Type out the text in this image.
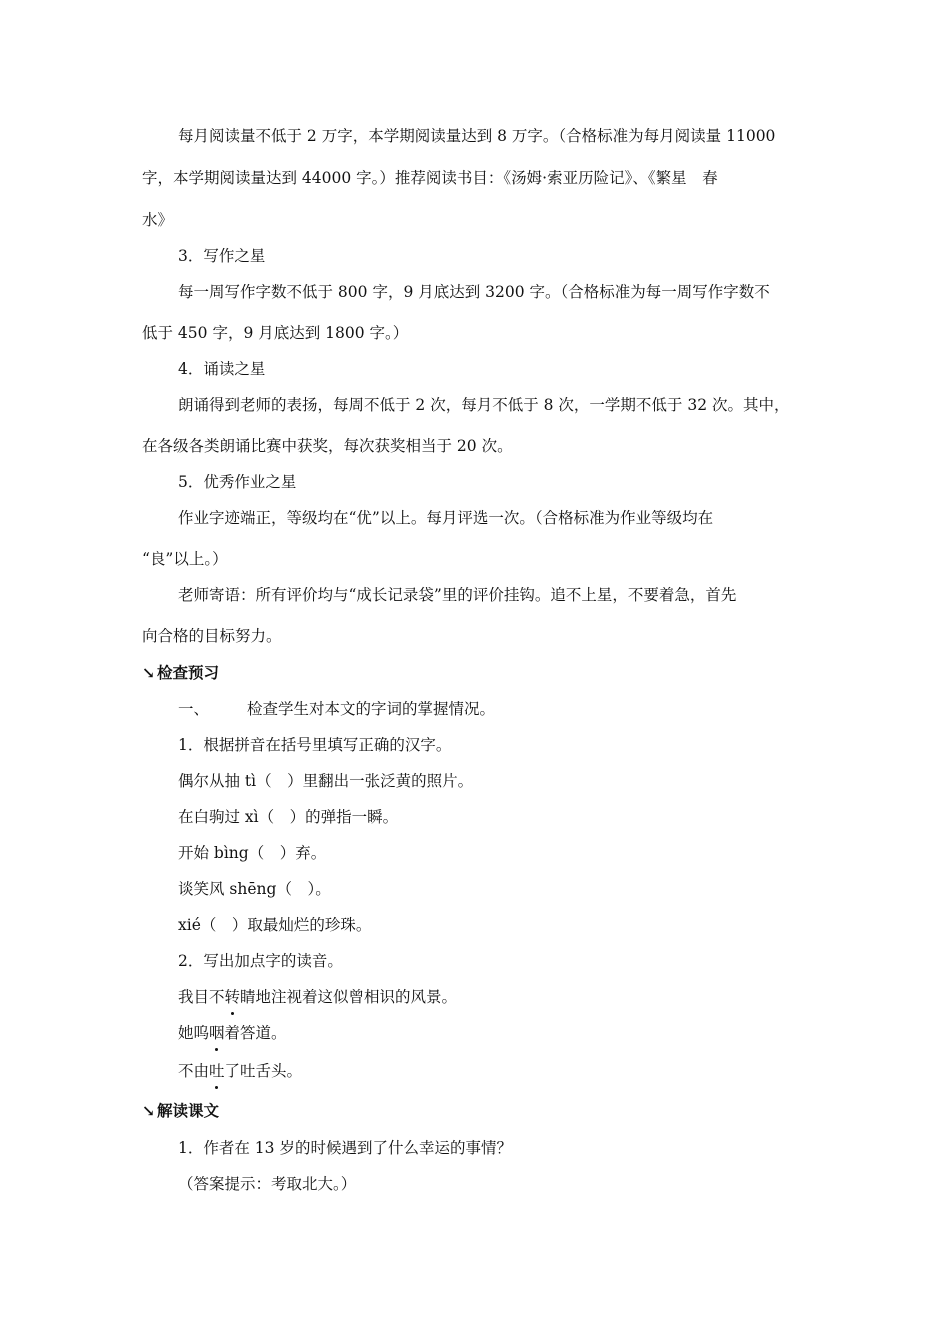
每月阅读量不低于 2 万字，本学期阅读量达到 8 万字。（合格标准为每月阅读量 11000
字，本学期阅读量达到 44000 字。）推荐阅读书目：《汤姆·索亚历险记》、《繁星　春
水》
3．写作之星
每一周写作字数不低于 800 字，9 月底达到 3200 字。（合格标准为每一周写作字数不
低于 450 字，9 月底达到 1800 字。）
4．诵读之星
朗诵得到老师的表扬，每周不低于 2 次，每月不低于 8 次，一学期不低于 32 次。其中，
在各级各类朗诵比赛中获奖，每次获奖相当于 20 次。
5．优秀作业之星
作业字迹端正，等级均在“优”以上。每月评选一次。（合格标准为作业等级均在
“良”以上。）
老师寄语：所有评价均与“成长记录袋”里的评价挂钩。追不上星，不要着急，首先
向合格的目标努力。
↘ 检查预习
一、 检查学生对本文的字词的掌握情况。
1．根据拼音在括号里填写正确的汉字。
偶尔从抽 tì（　）里翻出一张泛黄的照片。
在白驹过 xì（　）的弹指一瞬。
开始 bìng（　）弃。
谈笑风 shēng（　）。
xié（　）取最灿烂的珍珠。
2．写出加点字的读音。
我目不转
睛地注视着这似曾相识的风景。
她呜咽
着答道。
不由吐
了吐舌头。
↘ 解读课文
1．作者在 13 岁的时候遇到了什么幸运的事情？
（答案提示：考取北大。）
